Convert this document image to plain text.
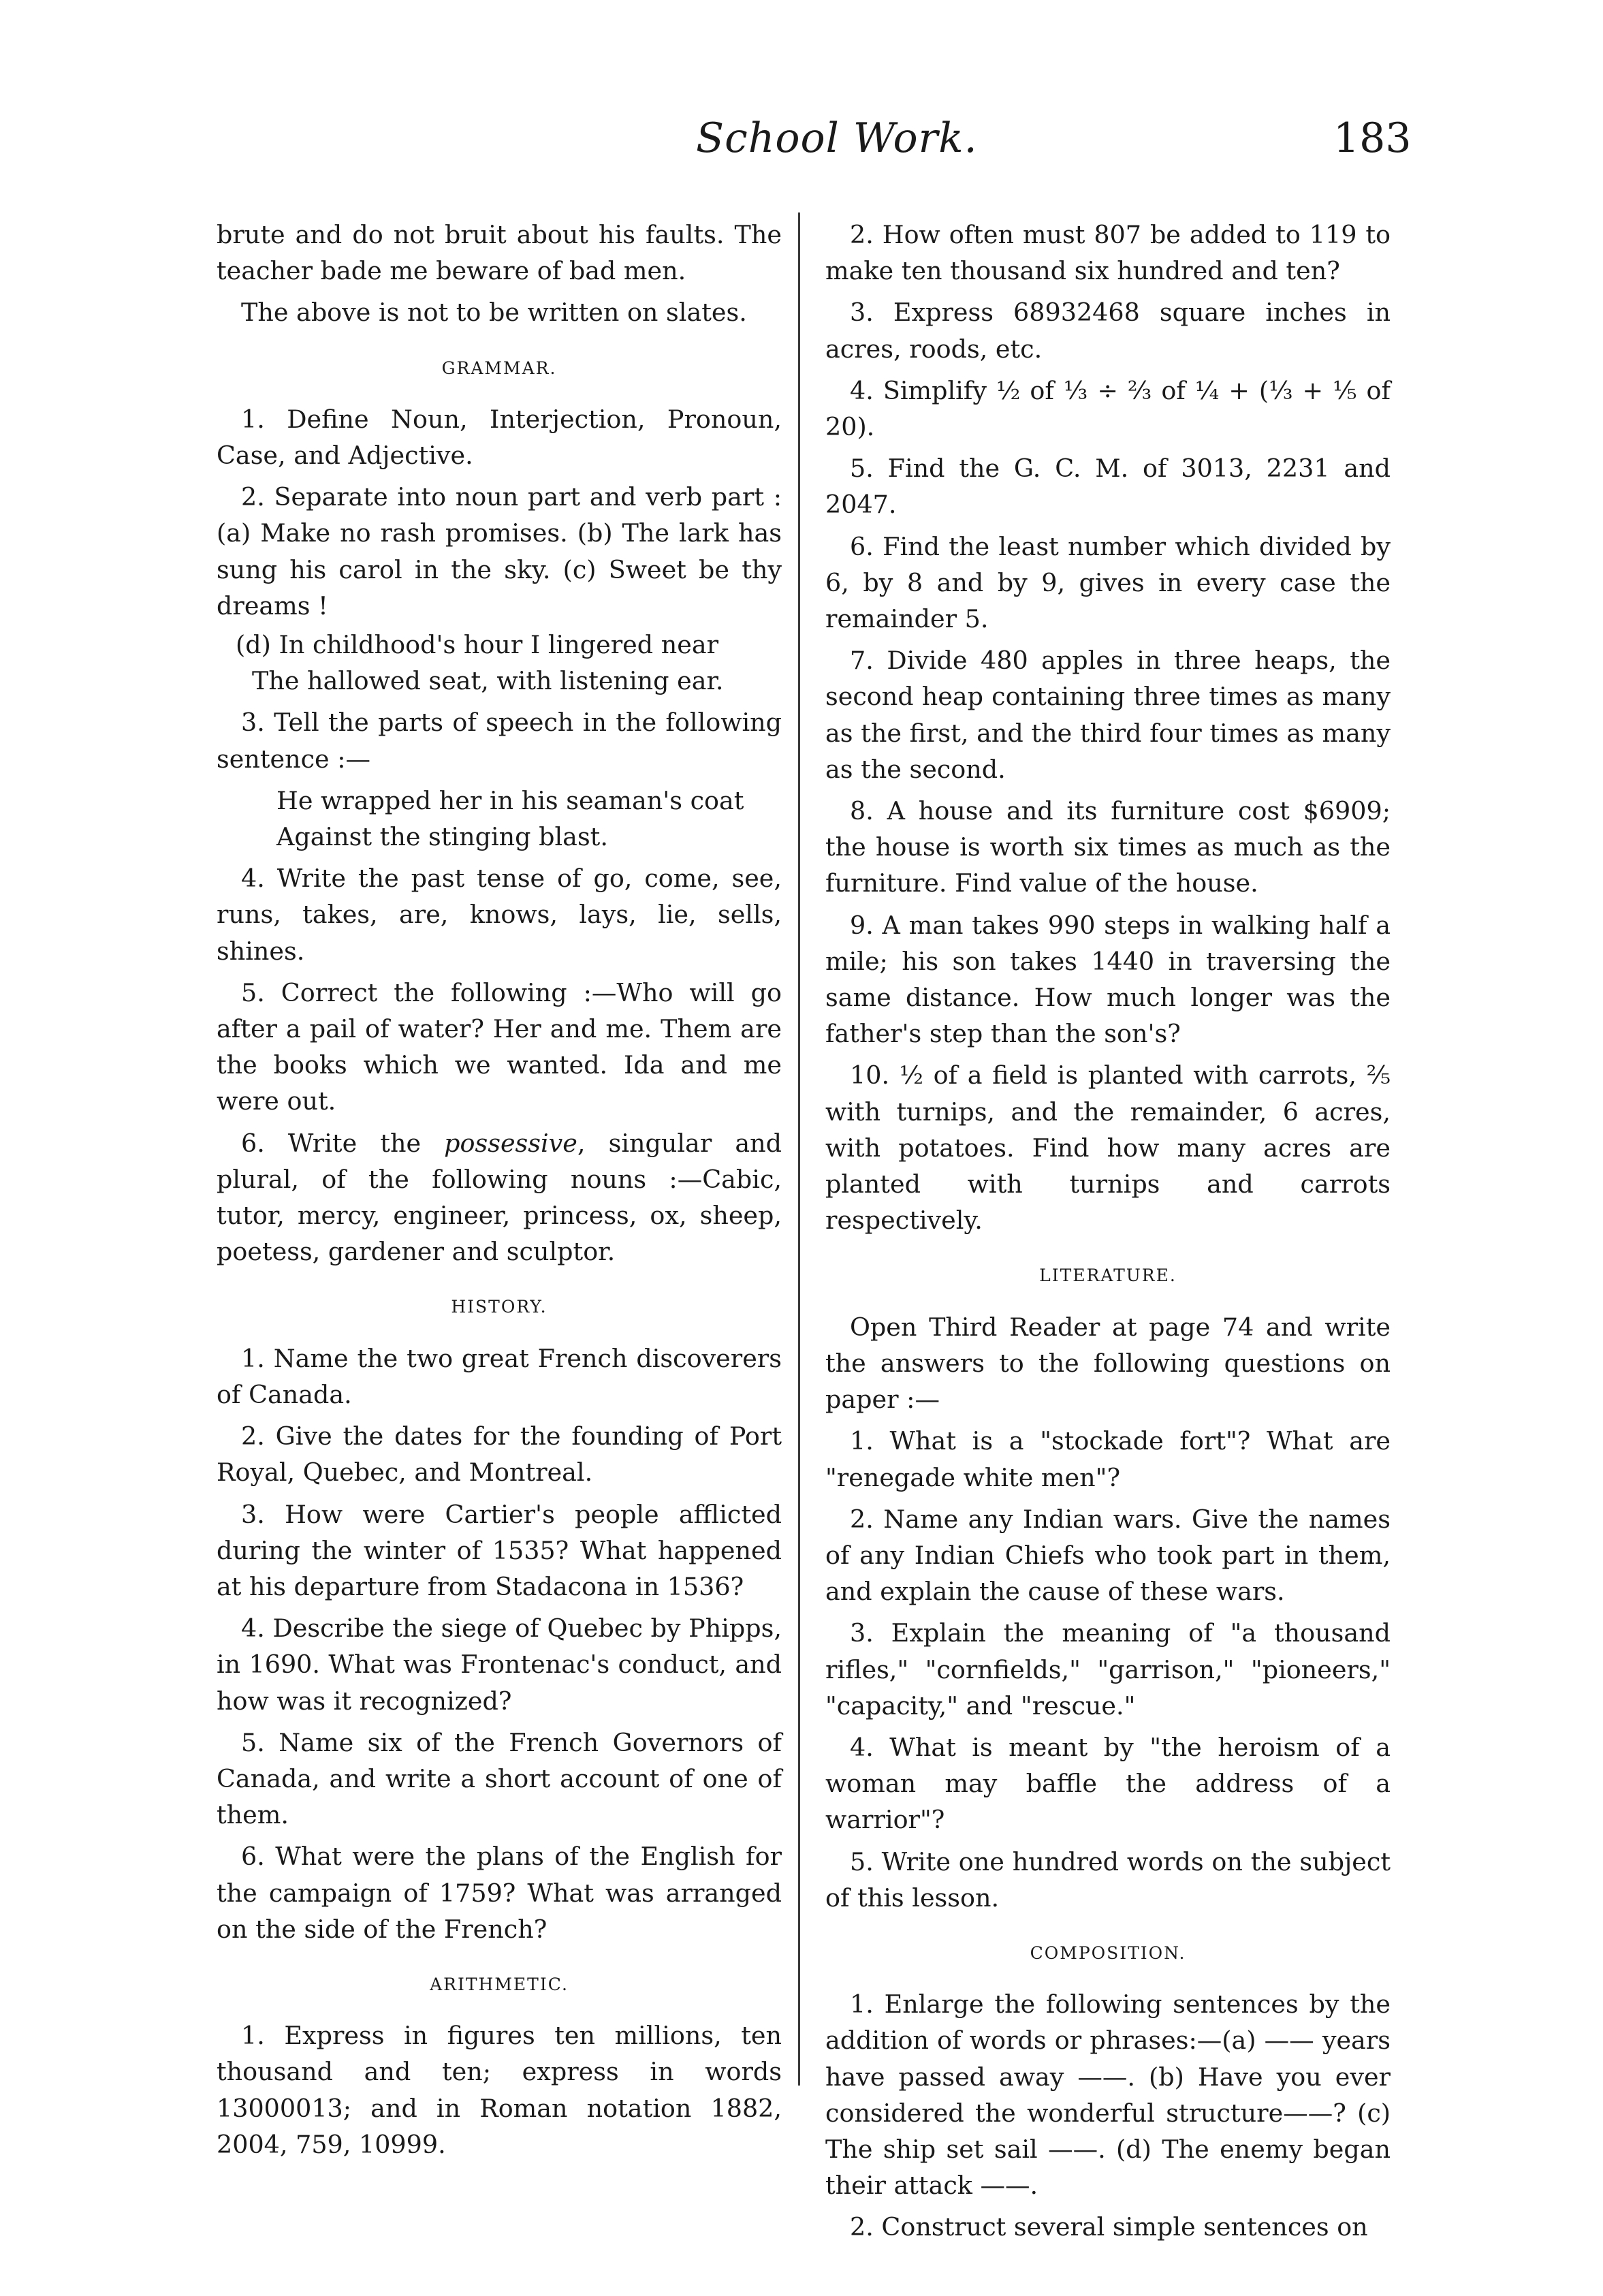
School Work.	183

brute and do not bruit about his faults. The teacher bade me beware of bad men.

The above is not to be written on slates.

GRAMMAR.

1. Define Noun, Interjection, Pronoun, Case, and Adjective.

2. Separate into noun part and verb part : (a) Make no rash promises. (b) The lark has sung his carol in the sky. (c) Sweet be thy dreams !

(d) In childhood's hour I lingered near
The hallowed seat, with listening ear.

3. Tell the parts of speech in the following sentence :—

He wrapped her in his seaman's coat
Against the stinging blast.

4. Write the past tense of go, come, see, runs, takes, are, knows, lays, lie, sells, shines.

5. Correct the following :—Who will go after a pail of water? Her and me. Them are the books which we wanted. Ida and me were out.

6. Write the possessive, singular and plural, of the following nouns :—Cabic, tutor, mercy, engineer, princess, ox, sheep, poetess, gardener and sculptor.

HISTORY.

1. Name the two great French discoverers of Canada.

2. Give the dates for the founding of Port Royal, Quebec, and Montreal.

3. How were Cartier's people afflicted during the winter of 1535? What happened at his departure from Stadacona in 1536?

4. Describe the siege of Quebec by Phipps, in 1690. What was Frontenac's conduct, and how was it recognized?

5. Name six of the French Governors of Canada, and write a short account of one of them.

6. What were the plans of the English for the campaign of 1759? What was arranged on the side of the French?

ARITHMETIC.

1. Express in figures ten millions, ten thousand and ten; express in words 13000013; and in Roman notation 1882, 2004, 759, 10999.

2. How often must 807 be added to 119 to make ten thousand six hundred and ten?

3. Express 68932468 square inches in acres, roods, etc.

4. Simplify ½ of ⅓ ÷ ⅔ of ¼ + (⅓ + ⅕ of 20).

5. Find the G. C. M. of 3013, 2231 and 2047.

6. Find the least number which divided by 6, by 8 and by 9, gives in every case the remainder 5.

7. Divide 480 apples in three heaps, the second heap containing three times as many as the first, and the third four times as many as the second.

8. A house and its furniture cost $6909; the house is worth six times as much as the furniture. Find value of the house.

9. A man takes 990 steps in walking half a mile; his son takes 1440 in traversing the same distance. How much longer was the father's step than the son's?

10. ½ of a field is planted with carrots, ⅖ with turnips, and the remainder, 6 acres, with potatoes. Find how many acres are planted with turnips and carrots respectively.

LITERATURE.

Open Third Reader at page 74 and write the answers to the following questions on paper :—

1. What is a "stockade fort"? What are "renegade white men"?

2. Name any Indian wars. Give the names of any Indian Chiefs who took part in them, and explain the cause of these wars.

3. Explain the meaning of "a thousand rifles," "cornfields," "garrison," "pioneers," "capacity," and "rescue."

4. What is meant by "the heroism of a woman may baffle the address of a warrior"?

5. Write one hundred words on the subject of this lesson.

COMPOSITION.

1. Enlarge the following sentences by the addition of words or phrases:—(a) —— years have passed away ——. (b) Have you ever considered the wonderful structure——? (c) The ship set sail ——. (d) The enemy began their attack ——.

2. Construct several simple sentences on
